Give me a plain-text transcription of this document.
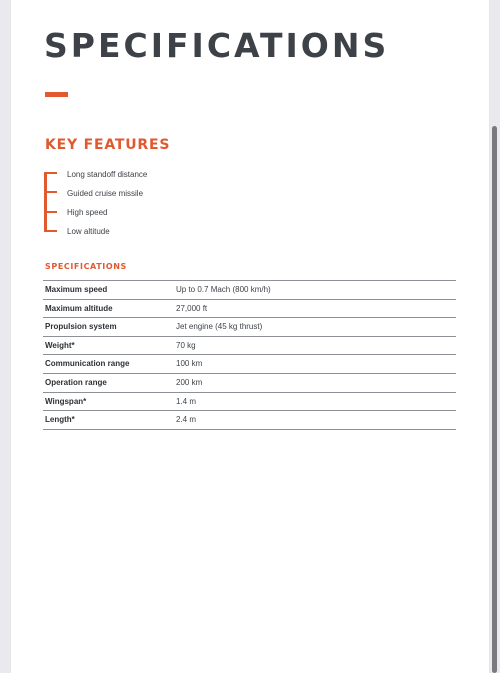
SPECIFICATIONS
KEY FEATURES
Long standoff distance
Guided cruise missile
High speed
Low altitude
SPECIFICATIONS
Maximum speed	Up to 0.7 Mach (800 km/h)
Maximum altitude	27,000 ft
Propulsion system	Jet engine (45 kg thrust)
Weight*	70 kg
Communication range	100 km
Operation range	200 km
Wingspan*	1.4 m
Length*	2.4 m
